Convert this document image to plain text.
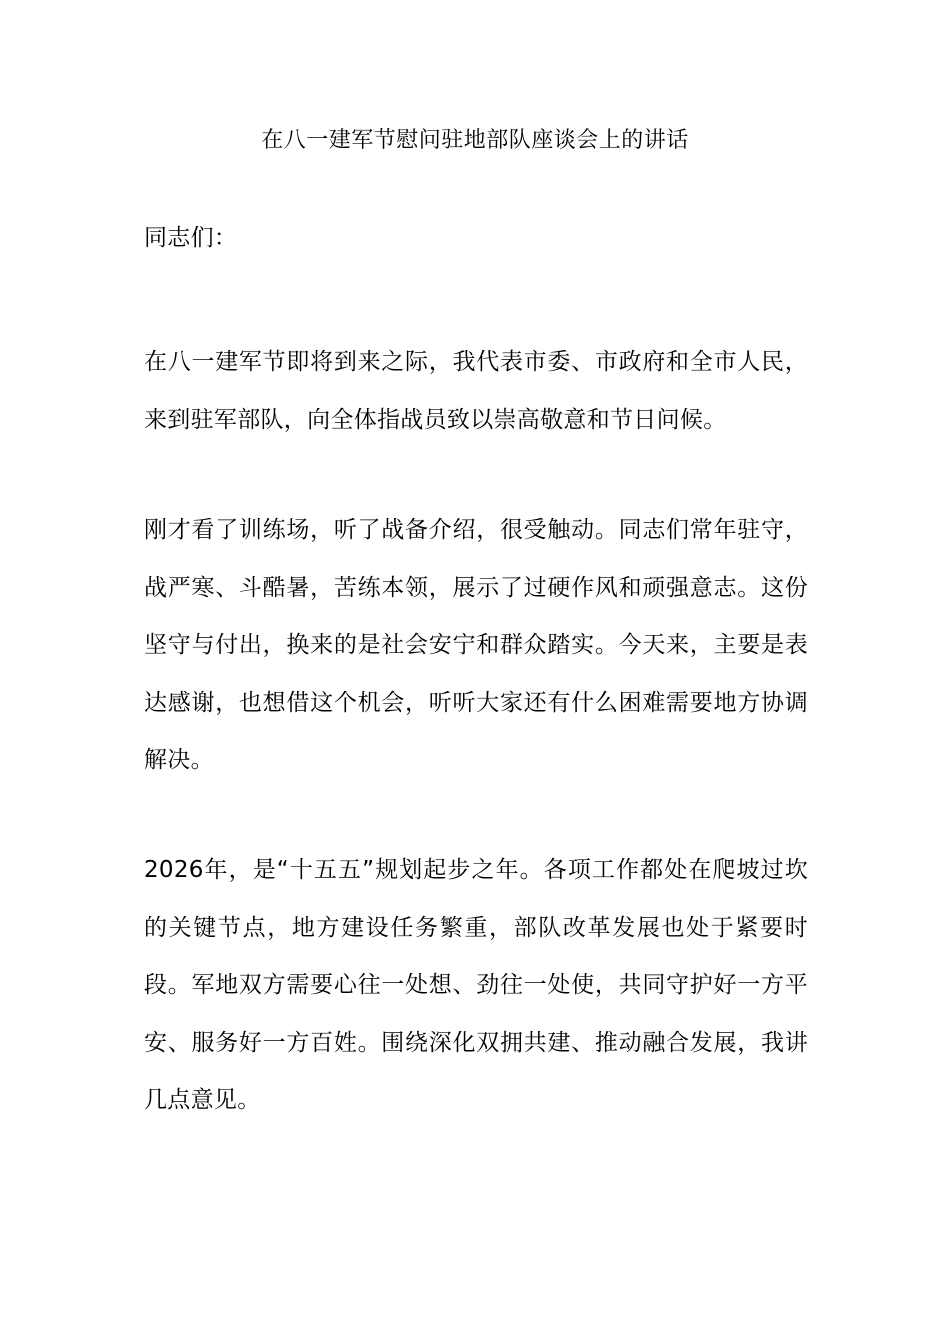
在八一建军节慰问驻地部队座谈会上的讲话

同志们：

在八一建军节即将到来之际，我代表市委、市政府和全市人民，来到驻军部队，向全体指战员致以崇高敬意和节日问候。

刚才看了训练场，听了战备介绍，很受触动。同志们常年驻守，战严寒、斗酷暑，苦练本领，展示了过硬作风和顽强意志。这份坚守与付出，换来的是社会安宁和群众踏实。今天来，主要是表达感谢，也想借这个机会，听听大家还有什么困难需要地方协调解决。

2026年，是“十五五”规划起步之年。各项工作都处在爬坡过坎的关键节点，地方建设任务繁重，部队改革发展也处于紧要时段。军地双方需要心往一处想、劲往一处使，共同守护好一方平安、服务好一方百姓。围绕深化双拥共建、推动融合发展，我讲几点意见。
